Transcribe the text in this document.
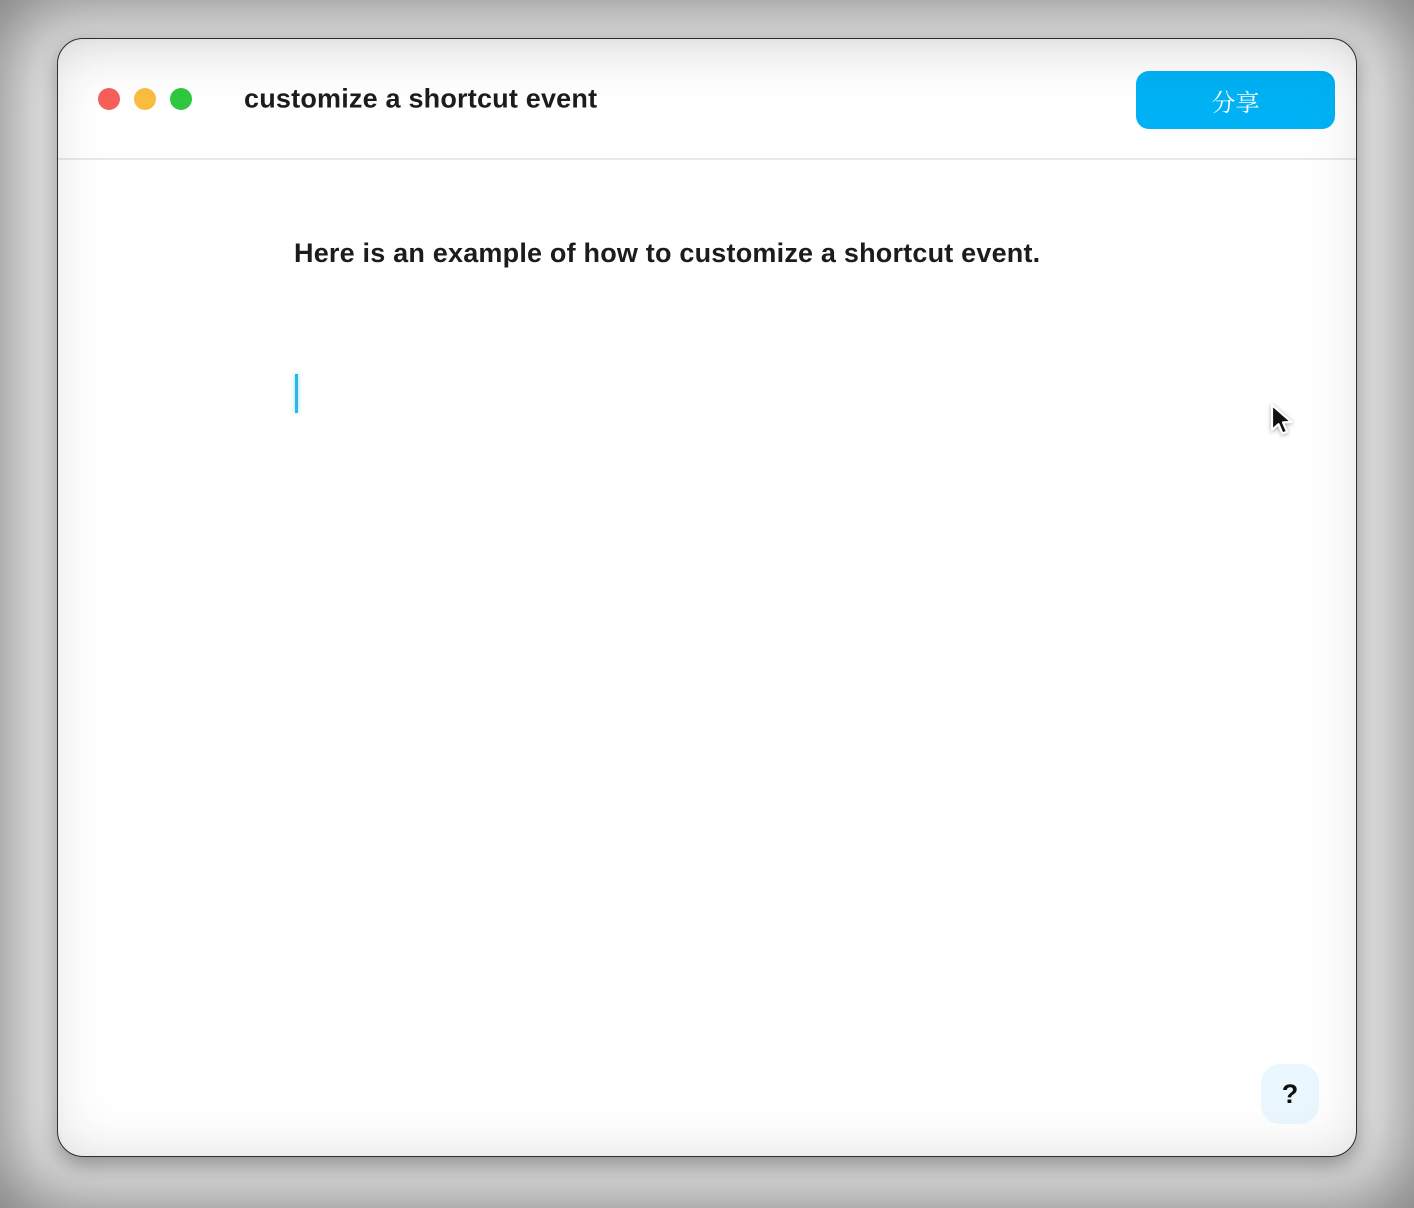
customize a shortcut event	分享

Here is an example of how to customize a shortcut event.

?
